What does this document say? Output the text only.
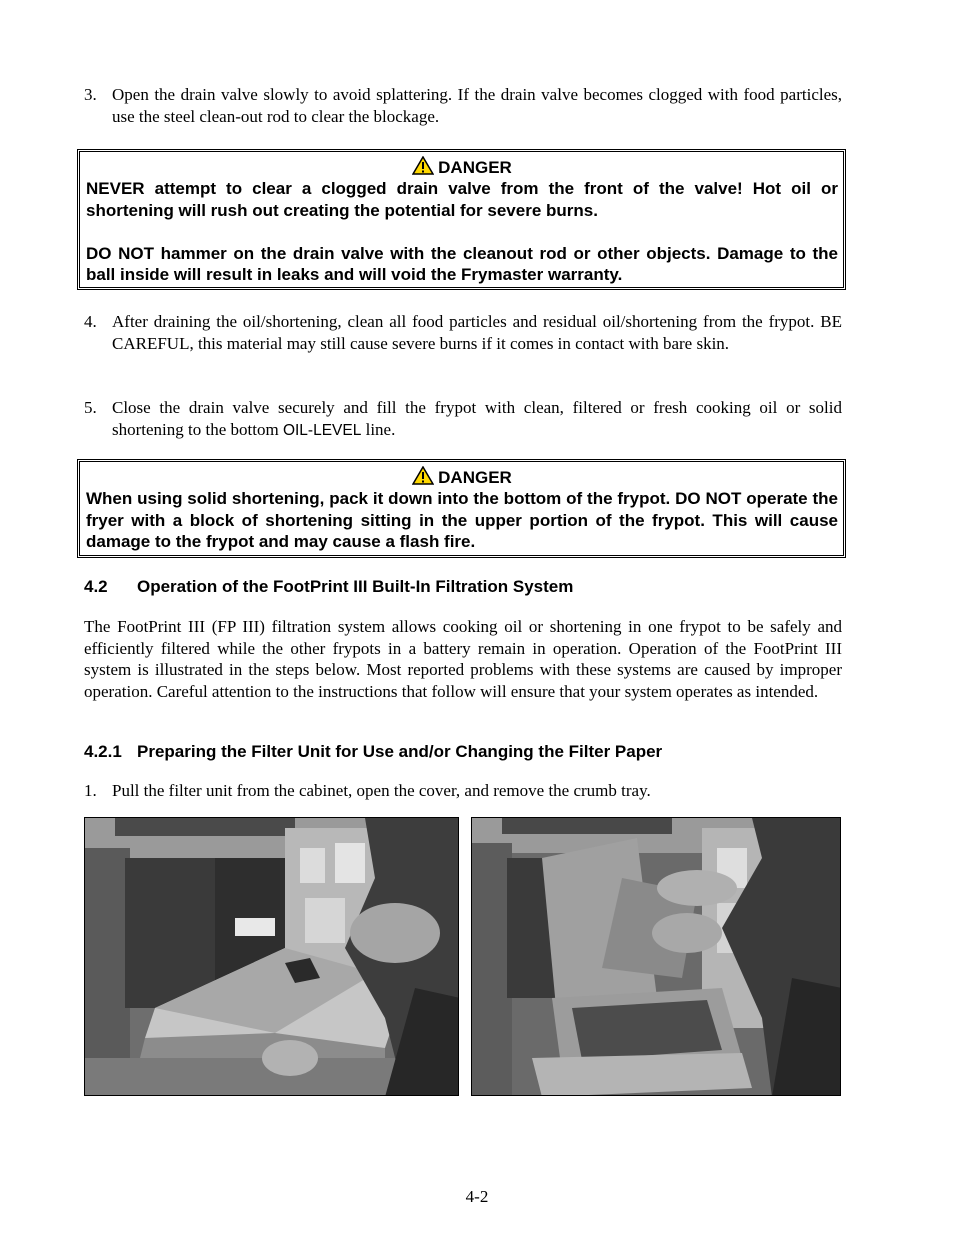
3. Open the drain valve slowly to avoid splattering. If the drain valve becomes clogged with food particles, use the steel clean-out rod to clear the blockage.
DANGER

NEVER attempt to clear a clogged drain valve from the front of the valve! Hot oil or shortening will rush out creating the potential for severe burns.

DO NOT hammer on the drain valve with the cleanout rod or other objects. Damage to the ball inside will result in leaks and will void the Frymaster warranty.

4. After draining the oil/shortening, clean all food particles and residual oil/shortening from the frypot. BE CAREFUL, this material may still cause severe burns if it comes in contact with bare skin.
5. Close the drain valve securely and fill the frypot with clean, filtered or fresh cooking oil or solid shortening to the bottom OIL-LEVEL line.
DANGER

When using solid shortening, pack it down into the bottom of the frypot. DO NOT operate the fryer with a block of shortening sitting in the upper portion of the frypot. This will cause damage to the frypot and may cause a flash fire.

4.2 Operation of the FootPrint III Built-In Filtration System
The FootPrint III (FP III) filtration system allows cooking oil or shortening in one frypot to be safely and efficiently filtered while the other frypots in a battery remain in operation. Operation of the FootPrint III system is illustrated in the steps below. Most reported problems with these systems are caused by improper operation. Careful attention to the instructions that follow will ensure that your system operates as intended.
4.2.1 Preparing the Filter Unit for Use and/or Changing the Filter Paper
1. Pull the filter unit from the cabinet, open the cover, and remove the crumb tray.
4-2
